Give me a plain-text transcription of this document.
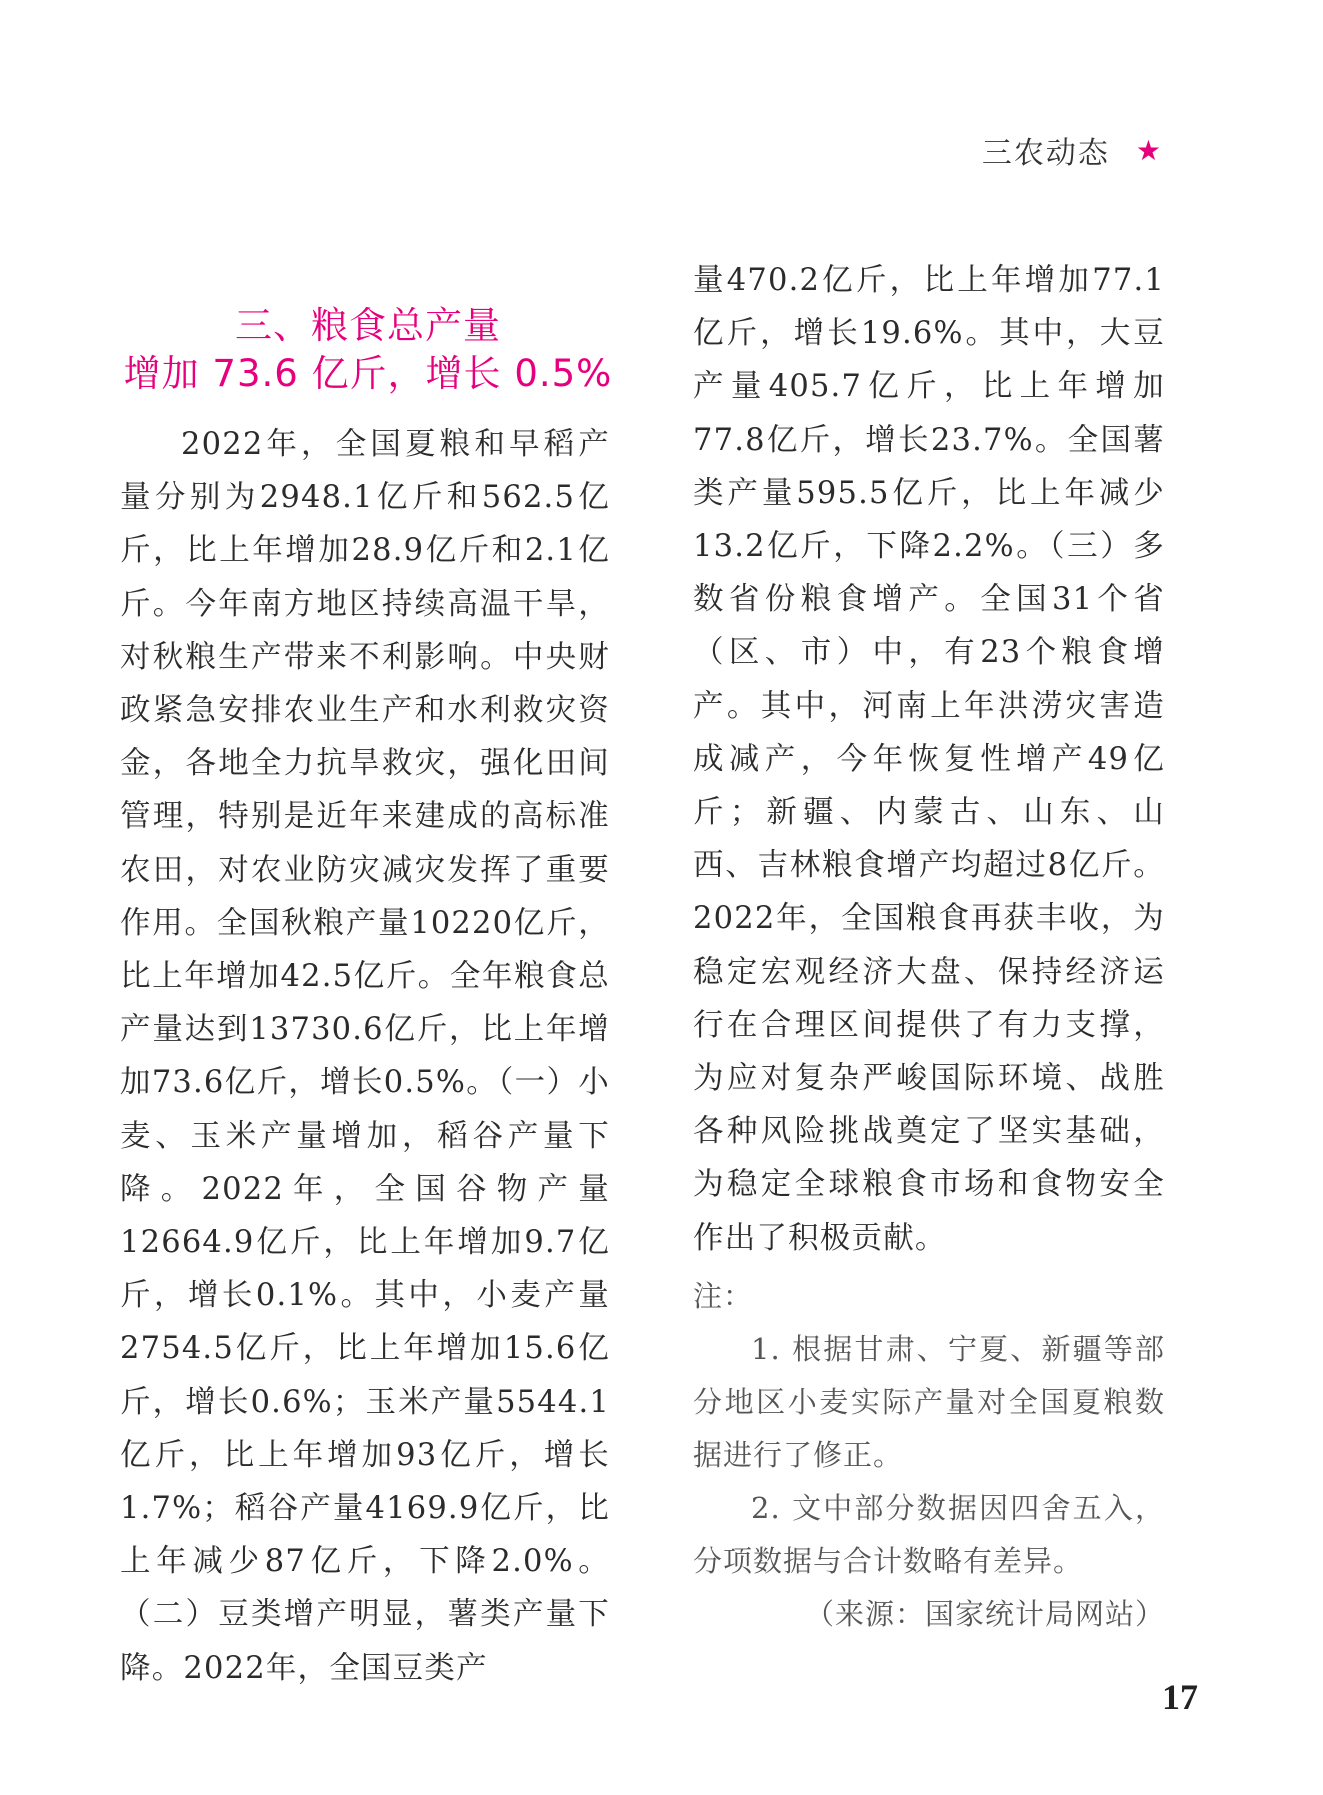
三农动态 ★
三、粮食总产量
增加 73.6 亿斤，增长 0.5%

2022年，全国夏粮和早稻产量分别为2948.1亿斤和562.5亿斤，比上年增加28.9亿斤和2.1亿斤。今年南方地区持续高温干旱，对秋粮生产带来不利影响。中央财政紧急安排农业生产和水利救灾资金，各地全力抗旱救灾，强化田间管理，特别是近年来建成的高标准农田，对农业防灾减灾发挥了重要作用。全国秋粮产量10220亿斤，比上年增加42.5亿斤。全年粮食总产量达到13730.6亿斤，比上年增加73.6亿斤，增长0.5%。（一）小麦、玉米产量增加，稻谷产量下降。2022年，全国谷物产量12664.9亿斤，比上年增加9.7亿斤，增长0.1%。其中，小麦产量2754.5亿斤，比上年增加15.6亿斤，增长0.6%；玉米产量5544.1亿斤，比上年增加93亿斤，增长1.7%；稻谷产量4169.9亿斤，比上年减少87亿斤，下降2.0%。（二）豆类增产明显，薯类产量下降。2022年，全国豆类产

量470.2亿斤，比上年增加77.1亿斤，增长19.6%。其中，大豆产量405.7亿斤，比上年增加77.8亿斤，增长23.7%。全国薯类产量595.5亿斤，比上年减少13.2亿斤，下降2.2%。（三）多数省份粮食增产。全国31个省（区、市）中，有23个粮食增产。其中，河南上年洪涝灾害造成减产，今年恢复性增产49亿斤；新疆、内蒙古、山东、山西、吉林粮食增产均超过8亿斤。2022年，全国粮食再获丰收，为稳定宏观经济大盘、保持经济运行在合理区间提供了有力支撑，为应对复杂严峻国际环境、战胜各种风险挑战奠定了坚实基础，为稳定全球粮食市场和食物安全作出了积极贡献。

注：

1. 根据甘肃、宁夏、新疆等部分地区小麦实际产量对全国夏粮数据进行了修正。

2. 文中部分数据因四舍五入，分项数据与合计数略有差异。

（来源：国家统计局网站）

17
